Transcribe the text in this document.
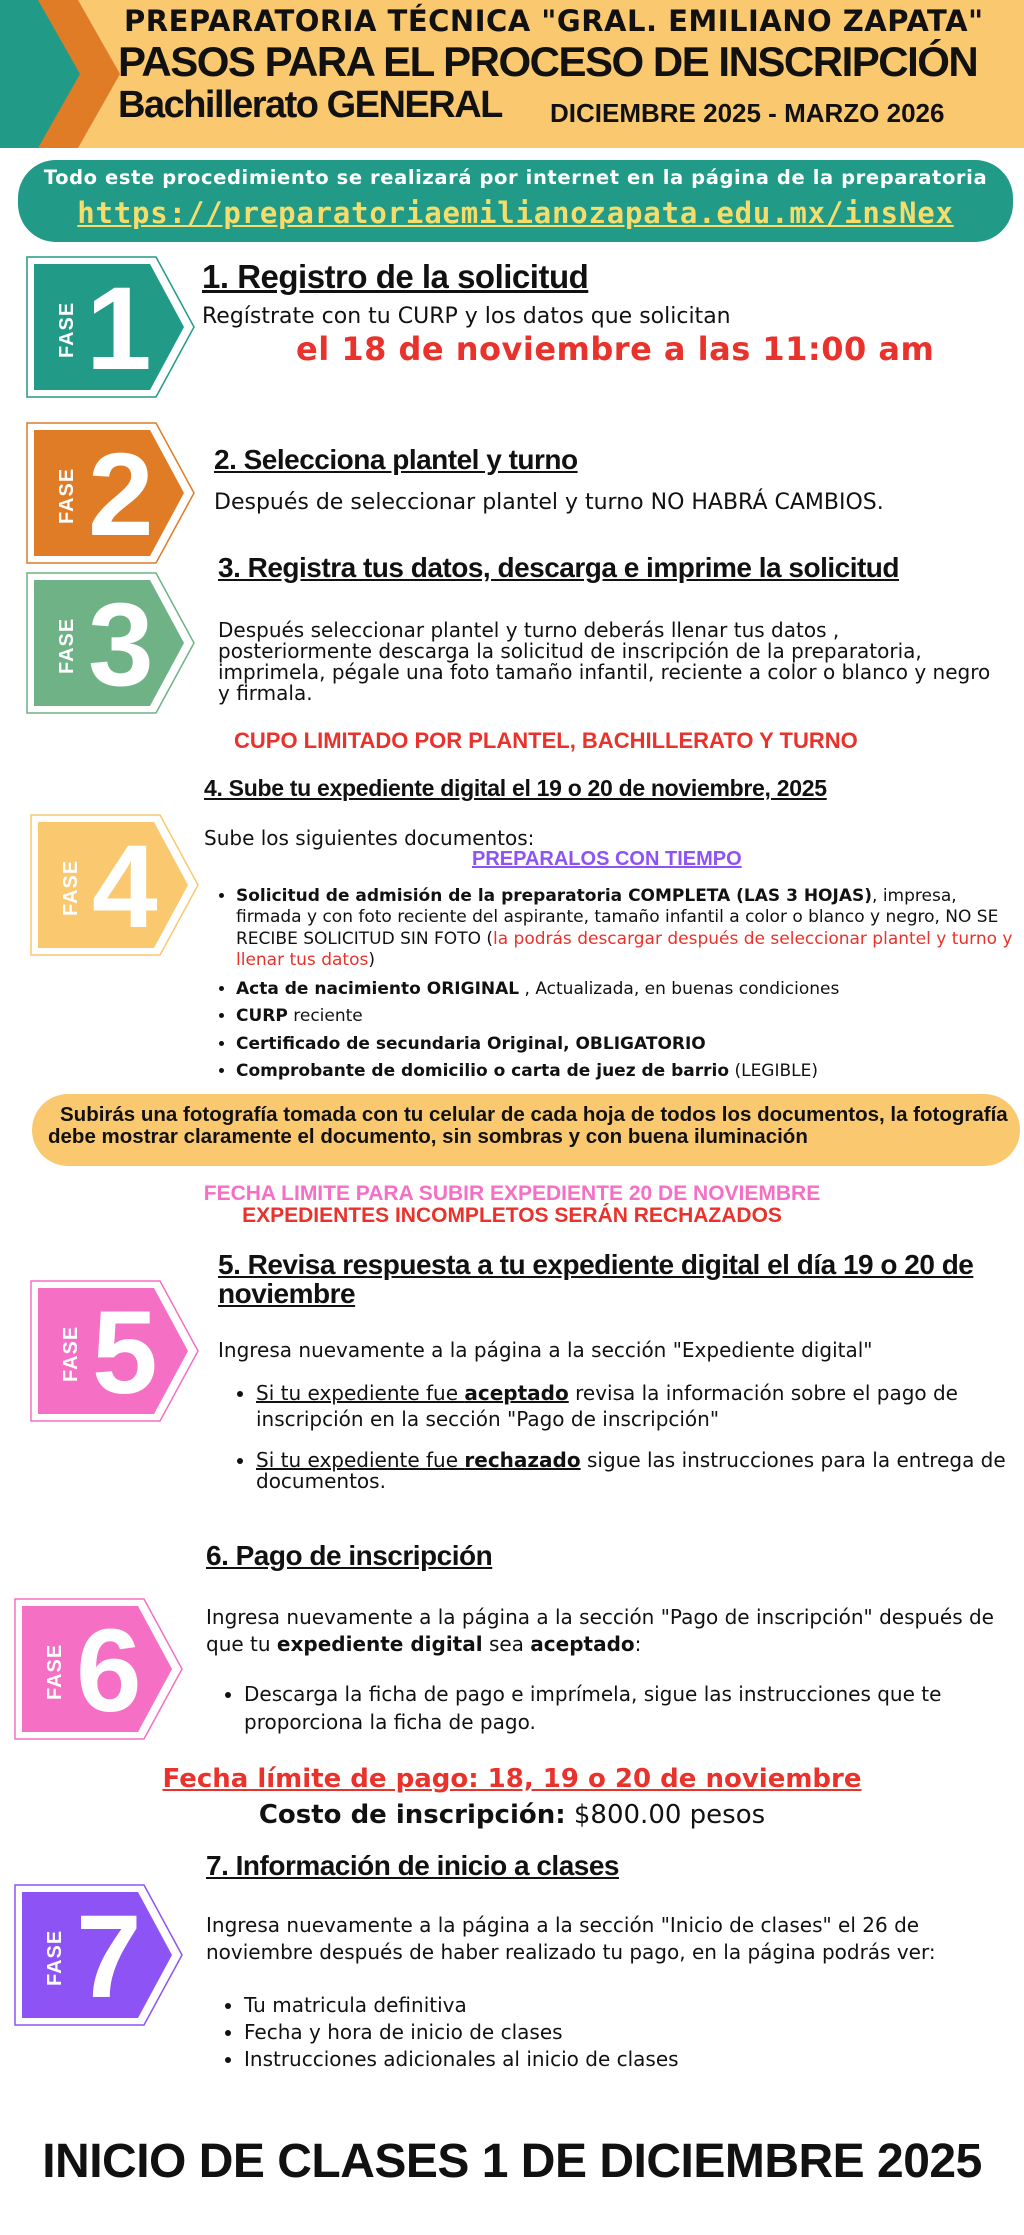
PREPARATORIA TÉCNICA "GRAL. EMILIANO ZAPATA"
PASOS PARA EL PROCESO DE INSCRIPCIÓN
Bachillerato GENERAL DICIEMBRE 2025 - MARZO 2026
Todo este procedimiento se realizará por internet en la página de la preparatoria
https://preparatoriaemilianozapata.edu.mx/insNex
FASE 1 1. Registro de la solicitud
Regístrate con tu CURP y los datos que solicitan
el 18 de noviembre a las 11:00 am
FASE 2 2. Selecciona plantel y turno
Después de seleccionar plantel y turno NO HABRÁ CAMBIOS.
FASE 3
3. Registra tus datos, descarga e imprime la solicitud
Después seleccionar plantel y turno deberás llenar tus datos , posteriormente descarga la solicitud de inscripción de la preparatoria, imprimela, pégale una foto tamaño infantil, reciente a color o blanco y negro y firmala.
CUPO LIMITADO POR PLANTEL, BACHILLERATO Y TURNO
4. Sube tu expediente digital el 19 o 20 de noviembre, 2025
FASE 4 Sube los siguientes documentos:
PREPARALOS CON TIEMPO
• Solicitud de admisión de la preparatoria COMPLETA (LAS 3 HOJAS), impresa, firmada y con foto reciente del aspirante, tamaño infantil a color o blanco y negro, NO SE RECIBE SOLICITUD SIN FOTO (la podrás descargar después de seleccionar plantel y turno y llenar tus datos)
• Acta de nacimiento ORIGINAL , Actualizada, en buenas condiciones
• CURP reciente
• Certificado de secundaria Original, OBLIGATORIO
• Comprobante de domicilio o carta de juez de barrio (LEGIBLE)
Subirás una fotografía tomada con tu celular de cada hoja de todos los documentos, la fotografía debe mostrar claramente el documento, sin sombras y con buena iluminación
FECHA LIMITE PARA SUBIR EXPEDIENTE 20 DE NOVIEMBRE
EXPEDIENTES INCOMPLETOS SERÁN RECHAZADOS
5. Revisa respuesta a tu expediente digital el día 19 o 20 de noviembre
FASE 5	Ingresa nuevamente a la página a la sección "Expediente digital"
• Si tu expediente fue aceptado revisa la información sobre el pago de inscripción en la sección "Pago de inscripción"
• Si tu expediente fue rechazado sigue las instrucciones para la entrega de documentos.
6. Pago de inscripción
FASE 6	Ingresa nuevamente a la página a la sección "Pago de inscripción" después de que tu expediente digital sea aceptado:
• Descarga la ficha de pago e imprímela, sigue las instrucciones que te proporciona la ficha de pago.
Fecha límite de pago: 18, 19 o 20 de noviembre
Costo de inscripción: $800.00 pesos
7. Información de inicio a clases
FASE 7	Ingresa nuevamente a la página a la sección "Inicio de clases" el 26 de noviembre después de haber realizado tu pago, en la página podrás ver:
• Tu matricula definitiva
• Fecha y hora de inicio de clases
• Instrucciones adicionales al inicio de clases
INICIO DE CLASES 1 DE DICIEMBRE 2025
